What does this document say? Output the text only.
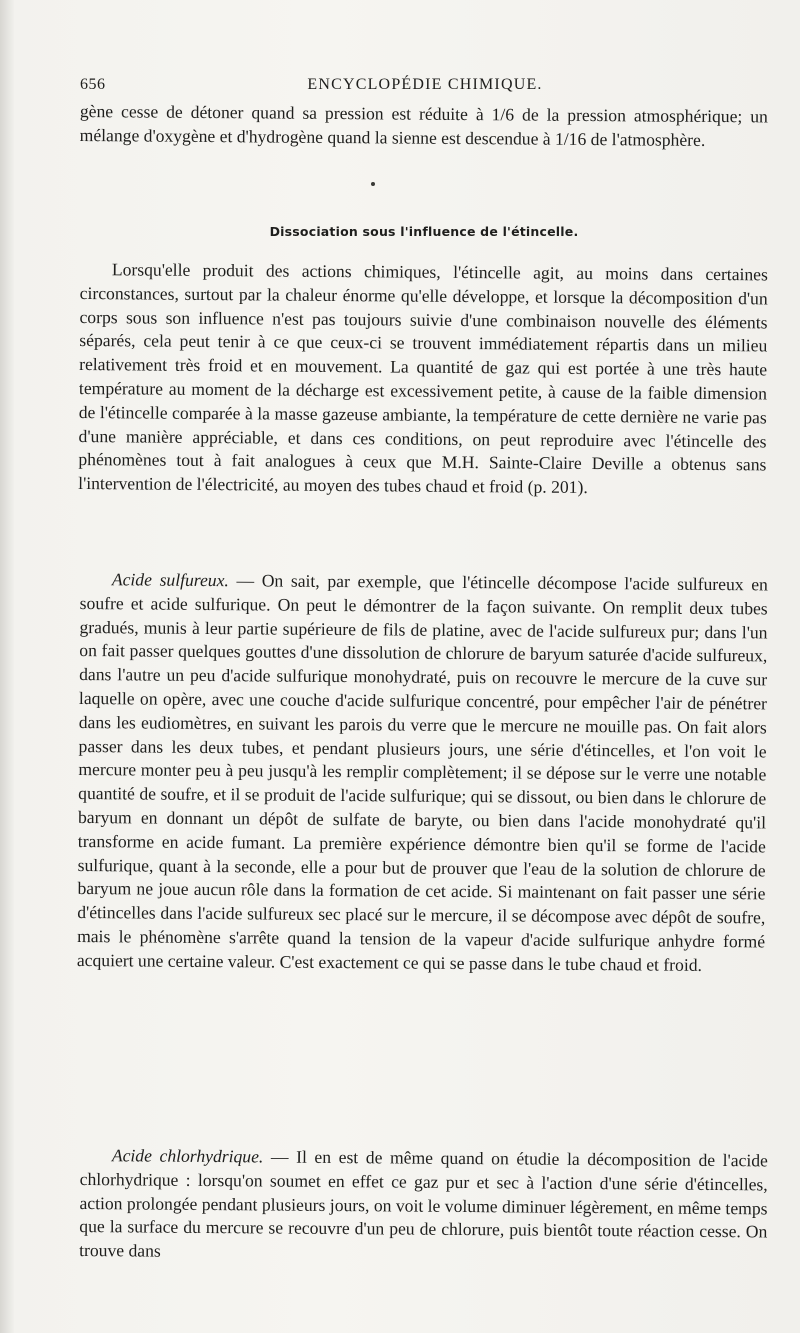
656	ENCYCLOPÉDIE CHIMIQUE.

gène cesse de détoner quand sa pression est réduite à 1/6 de la pression atmosphérique; un mélange d'oxygène et d'hydrogène quand la sienne est descendue à 1/16 de l'atmosphère.

Dissociation sous l'influence de l'étincelle.

Lorsqu'elle produit des actions chimiques, l'étincelle agit, au moins dans certaines circonstances, surtout par la chaleur énorme qu'elle développe, et lorsque la décomposition d'un corps sous son influence n'est pas toujours suivie d'une combinaison nouvelle des éléments séparés, cela peut tenir à ce que ceux-ci se trouvent immédiatement répartis dans un milieu relativement très froid et en mouvement. La quantité de gaz qui est portée à une très haute température au moment de la décharge est excessivement petite, à cause de la faible dimension de l'étincelle comparée à la masse gazeuse ambiante, la température de cette dernière ne varie pas d'une manière appréciable, et dans ces conditions, on peut reproduire avec l'étincelle des phénomènes tout à fait analogues à ceux que M.H. Sainte-Claire Deville a obtenus sans l'intervention de l'électricité, au moyen des tubes chaud et froid (p. 201).

Acide sulfureux. — On sait, par exemple, que l'étincelle décompose l'acide sulfureux en soufre et acide sulfurique. On peut le démontrer de la façon suivante. On remplit deux tubes gradués, munis à leur partie supérieure de fils de platine, avec de l'acide sulfureux pur; dans l'un on fait passer quelques gouttes d'une dissolution de chlorure de baryum saturée d'acide sulfureux, dans l'autre un peu d'acide sulfurique monohydraté, puis on recouvre le mercure de la cuve sur laquelle on opère, avec une couche d'acide sulfurique concentré, pour empêcher l'air de pénétrer dans les eudiomètres, en suivant les parois du verre que le mercure ne mouille pas. On fait alors passer dans les deux tubes, et pendant plusieurs jours, une série d'étincelles, et l'on voit le mercure monter peu à peu jusqu'à les remplir complètement; il se dépose sur le verre une notable quantité de soufre, et il se produit de l'acide sulfurique; qui se dissout, ou bien dans le chlorure de baryum en donnant un dépôt de sulfate de baryte, ou bien dans l'acide monohydraté qu'il transforme en acide fumant. La première expérience démontre bien qu'il se forme de l'acide sulfurique, quant à la seconde, elle a pour but de prouver que l'eau de la solution de chlorure de baryum ne joue aucun rôle dans la formation de cet acide. Si maintenant on fait passer une série d'étincelles dans l'acide sulfureux sec placé sur le mercure, il se décompose avec dépôt de soufre, mais le phénomène s'arrête quand la tension de la vapeur d'acide sulfurique anhydre formé acquiert une certaine valeur. C'est exactement ce qui se passe dans le tube chaud et froid.

Acide chlorhydrique. — Il en est de même quand on étudie la décomposition de l'acide chlorhydrique : lorsqu'on soumet en effet ce gaz pur et sec à l'action d'une série d'étincelles, action prolongée pendant plusieurs jours, on voit le volume diminuer légèrement, en même temps que la surface du mercure se recouvre d'un peu de chlorure, puis bientôt toute réaction cesse. On trouve dans
